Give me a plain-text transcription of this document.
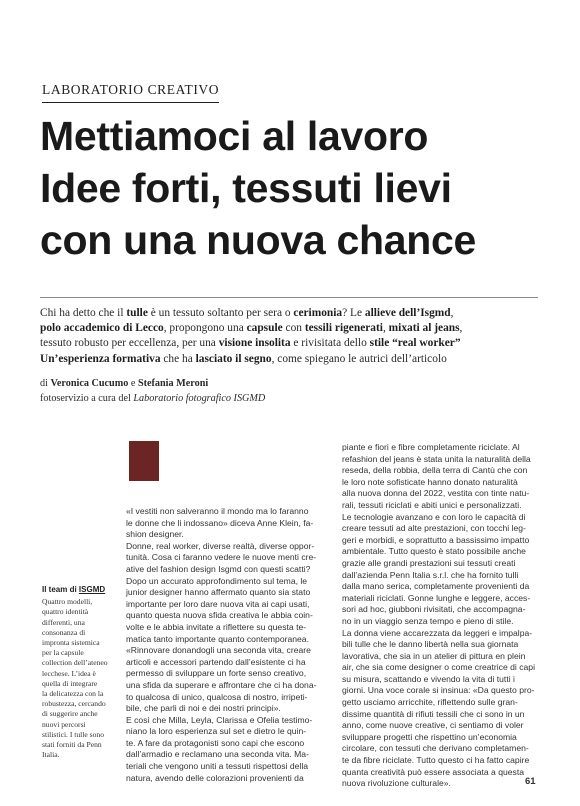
LABORATORIO CREATIVO
Mettiamoci al lavoro
Idee forti, tessuti lievi
con una nuova chance
Chi ha detto che il tulle è un tessuto soltanto per sera o cerimonia? Le allieve dell’Isgmd,
polo accademico di Lecco, propongono una capsule con tessili rigenerati, mixati al jeans,
tessuto robusto per eccellenza, per una visione insolita e rivisitata dello stile “real worker”
Un’esperienza formativa che ha lasciato il segno, come spiegano le autrici dell’articolo
di Veronica Cucumo e Stefania Meroni
fotoservizio a cura del Laboratorio fotografico ISGMD
Il team di ISGMD
Quattro modelli,
quattro identità
differenti, una
consonanza di
impronta sistemica
per la capsule
collection dell’ateneo
lecchese. L’idea è
quella di integrare
la delicatezza con la
robustezza, cercando
di suggerire anche
nuovi percorsi
stilistici. I tulle sono
stati forniti da Penn
Italia.
«I vestiti non salveranno il mondo ma lo faranno
le donne che li indossano» diceva Anne Klein, fa-
shion designer.
Donne, real worker, diverse realtà, diverse oppor-
tunità. Cosa ci faranno vedere le nuove menti cre-
ative del fashion design Isgmd con questi scatti?
Dopo un accurato approfondimento sul tema, le
junior designer hanno affermato quanto sia stato
importante per loro dare nuova vita ai capi usati,
quanto questa nuova sfida creativa le abbia coin-
volte e le abbia invitate a riflettere su questa te-
matica tanto importante quanto contemporanea.
«Rinnovare donandogli una seconda vita, creare
articoli e accessori partendo dall’esistente ci ha
permesso di sviluppare un forte senso creativo,
una sfida da superare e affrontare che ci ha dona-
to qualcosa di unico, qualcosa di nostro, irripeti-
bile, che parli di noi e dei nostri principi».
E così che Milla, Leyla, Clarissa e Ofelia testimo-
niano la loro esperienza sul set e dietro le quin-
te. A fare da protagonisti sono capi che escono
dall’armadio e reclamano una seconda vita. Ma-
teriali che vengono uniti a tessuti rispettosi della
natura, avendo delle colorazioni provenienti da
piante e fiori e fibre completamente riciclate. Al
refashion del jeans è stata unita la naturalità della
reseda, della robbia, della terra di Cantù che con
le loro note sofisticate hanno donato naturalità
alla nuova donna del 2022, vestita con tinte natu-
rali, tessuti riciclati e abiti unici e personalizzati.
Le tecnologie avanzano e con loro le capacità di
creare tessuti ad alte prestazioni, con tocchi leg-
geri e morbidi, e soprattutto a bassissimo impatto
ambientale. Tutto questo è stato possibile anche
grazie alle grandi prestazioni sui tessuti creati
dall’azienda Penn Italia s.r.l. che ha fornito tulli
dalla mano serica, completamente provenienti da
materiali riciclati. Gonne lunghe e leggere, acces-
sori ad hoc, giubboni rivisitati, che accompagna-
no in un viaggio senza tempo e pieno di stile.
La donna viene accarezzata da leggeri e impalpa-
bili tulle che le danno libertà nella sua giornata
lavorativa, che sia in un atelier di pittura en plein
air, che sia come designer o come creatrice di capi
su misura, scattando e vivendo la vita di tutti i
giorni. Una voce corale si insinua: «Da questo pro-
getto usciamo arricchite, riflettendo sulle gran-
dissime quantità di rifiuti tessili che ci sono in un
anno, come nuove creative, ci sentiamo di voler
sviluppare progetti che rispettino un’economia
circolare, con tessuti che derivano completamen-
te da fibre riciclate. Tutto questo ci ha fatto capire
quanta creatività può essere associata a questa
nuova rivoluzione culturale».	61
